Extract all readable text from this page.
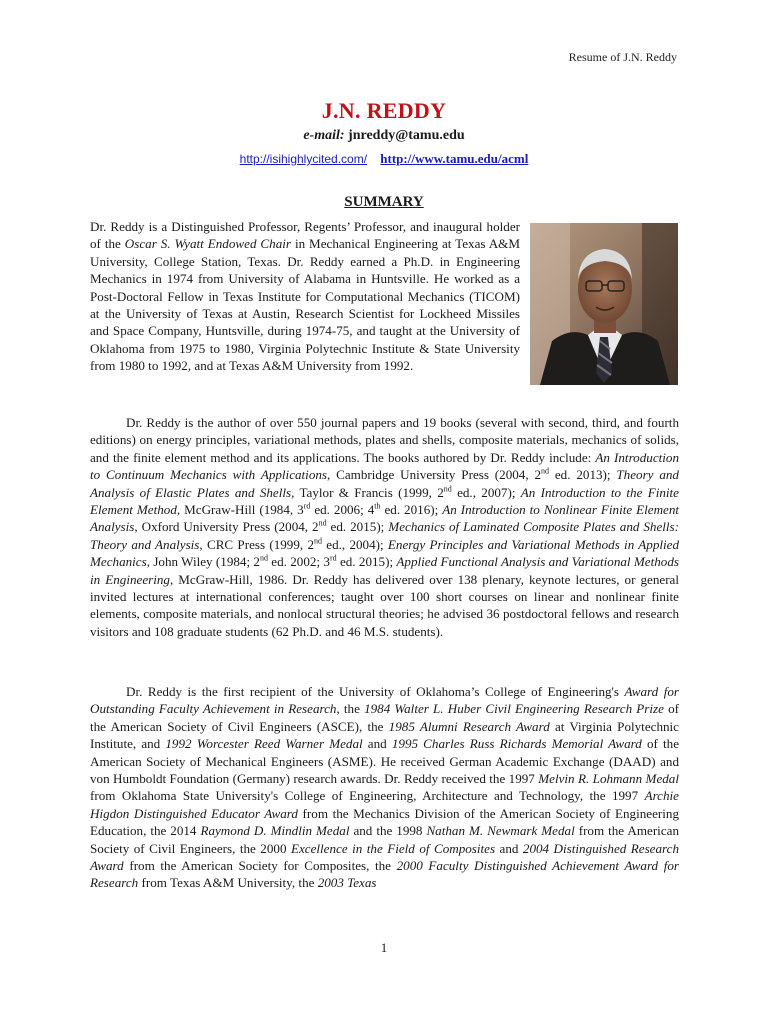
Resume of J.N. Reddy
J.N. REDDY
e-mail: jnreddy@tamu.edu
http://isihighlycited.com/ http://www.tamu.edu/acml
SUMMARY

Dr. Reddy is a Distinguished Professor, Regents’ Professor, and inaugural holder of the Oscar S. Wyatt Endowed Chair in Mechanical Engineering at Texas A&M University, College Station, Texas. Dr. Reddy earned a Ph.D. in Engineering Mechanics in 1974 from University of Alabama in Huntsville. He worked as a Post-Doctoral Fellow in Texas Institute for Computational Mechanics (TICOM) at the University of Texas at Austin, Research Scientist for Lockheed Missiles and Space Company, Huntsville, during 1974-75, and taught at the University of Oklahoma from 1975 to 1980, Virginia Polytechnic Institute & State University from 1980 to 1992, and at Texas A&M University from 1992.

Dr. Reddy is the author of over 550 journal papers and 19 books (several with second, third, and fourth editions) on energy principles, variational methods, plates and shells, composite materials, mechanics of solids, and the finite element method and its applications. The books authored by Dr. Reddy include: An Introduction to Continuum Mechanics with Applications, Cambridge University Press (2004, 2nd ed. 2013); Theory and Analysis of Elastic Plates and Shells, Taylor & Francis (1999, 2nd ed., 2007); An Introduction to the Finite Element Method, McGraw-Hill (1984, 3rd ed. 2006; 4th ed. 2016); An Introduction to Nonlinear Finite Element Analysis, Oxford University Press (2004, 2nd ed. 2015); Mechanics of Laminated Composite Plates and Shells: Theory and Analysis, CRC Press (1999, 2nd ed., 2004); Energy Principles and Variational Methods in Applied Mechanics, John Wiley (1984; 2nd ed. 2002; 3rd ed. 2015); Applied Functional Analysis and Variational Methods in Engineering, McGraw-Hill, 1986. Dr. Reddy has delivered over 138 plenary, keynote lectures, or general invited lectures at international conferences; taught over 100 short courses on linear and nonlinear finite elements, composite materials, and nonlocal structural theories; he advised 36 postdoctoral fellows and research visitors and 108 graduate students (62 Ph.D. and 46 M.S. students).

Dr. Reddy is the first recipient of the University of Oklahoma’s College of Engineering's Award for Outstanding Faculty Achievement in Research, the 1984 Walter L. Huber Civil Engineering Research Prize of the American Society of Civil Engineers (ASCE), the 1985 Alumni Research Award at Virginia Polytechnic Institute, and 1992 Worcester Reed Warner Medal and 1995 Charles Russ Richards Memorial Award of the American Society of Mechanical Engineers (ASME). He received German Academic Exchange (DAAD) and von Humboldt Foundation (Germany) research awards. Dr. Reddy received the 1997 Melvin R. Lohmann Medal from Oklahoma State University's College of Engineering, Architecture and Technology, the 1997 Archie Higdon Distinguished Educator Award from the Mechanics Division of the American Society of Engineering Education, the 2014 Raymond D. Mindlin Medal and the 1998 Nathan M. Newmark Medal from the American Society of Civil Engineers, the 2000 Excellence in the Field of Composites and 2004 Distinguished Research Award from the American Society for Composites, the 2000 Faculty Distinguished Achievement Award for Research from Texas A&M University, the 2003 Texas

1
